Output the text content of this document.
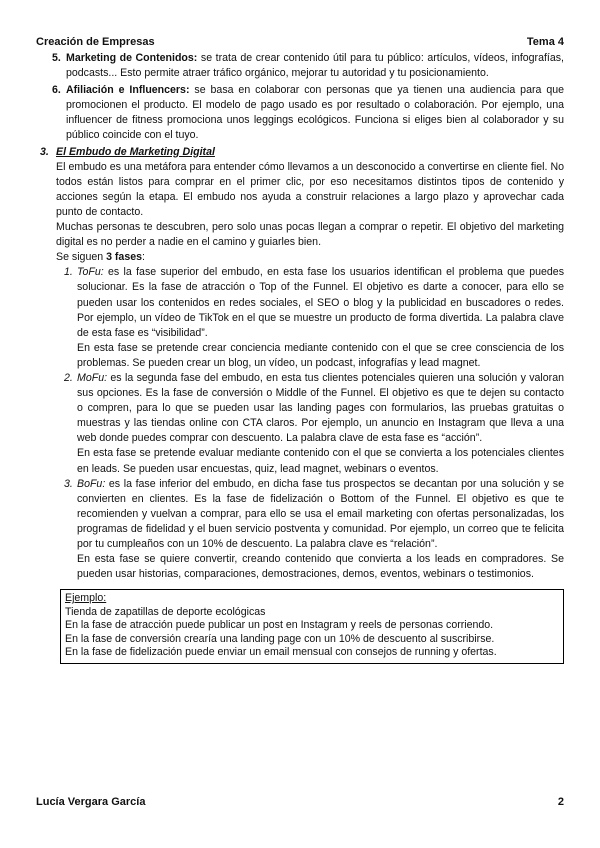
Creación de Empresas	Tema 4

5. Marketing de Contenidos: se trata de crear contenido útil para tu público: artículos, vídeos, infografías, podcasts... Esto permite atraer tráfico orgánico, mejorar tu autoridad y tu posicionamiento.

6. Afiliación e Influencers: se basa en colaborar con personas que ya tienen una audiencia para que promocionen el producto. El modelo de pago usado es por resultado o colaboración. Por ejemplo, una influencer de fitness promociona unos leggings ecológicos. Funciona si eliges bien al colaborador y su público coincide con el tuyo.

3. El Embudo de Marketing Digital

El embudo es una metáfora para entender cómo llevamos a un desconocido a convertirse en cliente fiel. No todos están listos para comprar en el primer clic, por eso necesitamos distintos tipos de contenido y acciones según la etapa. El embudo nos ayuda a construir relaciones a largo plazo y aprovechar cada punto de contacto.

Muchas personas te descubren, pero solo unas pocas llegan a comprar o repetir. El objetivo del marketing digital es no perder a nadie en el camino y guiarles bien.

Se siguen 3 fases:

1. ToFu: es la fase superior del embudo, en esta fase los usuarios identifican el problema que puedes solucionar. Es la fase de atracción o Top of the Funnel. El objetivo es darte a conocer, para ello se pueden usar los contenidos en redes sociales, el SEO o blog y la publicidad en buscadores o redes. Por ejemplo, un vídeo de TikTok en el que se muestre un producto de forma divertida. La palabra clave de esta fase es “visibilidad”.

En esta fase se pretende crear conciencia mediante contenido con el que se cree consciencia de los problemas. Se pueden crear un blog, un vídeo, un podcast, infografías y lead magnet.

2. MoFu: es la segunda fase del embudo, en esta tus clientes potenciales quieren una solución y valoran sus opciones. Es la fase de conversión o Middle of the Funnel. El objetivo es que te dejen su contacto o compren, para lo que se pueden usar las landing pages con formularios, las pruebas gratuitas o muestras y las tiendas online con CTA claros. Por ejemplo, un anuncio en Instagram que lleva a una web donde puedes comprar con descuento. La palabra clave de esta fase es “acción”.

En esta fase se pretende evaluar mediante contenido con el que se convierta a los potenciales clientes en leads. Se pueden usar encuestas, quiz, lead magnet, webinars o eventos.

3. BoFu: es la fase inferior del embudo, en dicha fase tus prospectos se decantan por una solución y se convierten en clientes. Es la fase de fidelización o Bottom of the Funnel. El objetivo es que te recomienden y vuelvan a comprar, para ello se usa el email marketing con ofertas personalizadas, los programas de fidelidad y el buen servicio postventa y comunidad. Por ejemplo, un correo que te felicita por tu cumpleaños con un 10% de descuento. La palabra clave es “relación”.

En esta fase se quiere convertir, creando contenido que convierta a los leads en compradores. Se pueden usar historias, comparaciones, demostraciones, demos, eventos, webinars o testimonios.

Ejemplo:

Tienda de zapatillas de deporte ecológicas

En la fase de atracción puede publicar un post en Instagram y reels de personas corriendo.

En la fase de conversión crearía una landing page con un 10% de descuento al suscribirse.

En la fase de fidelización puede enviar un email mensual con consejos de running y ofertas.

Lucía Vergara García	2
